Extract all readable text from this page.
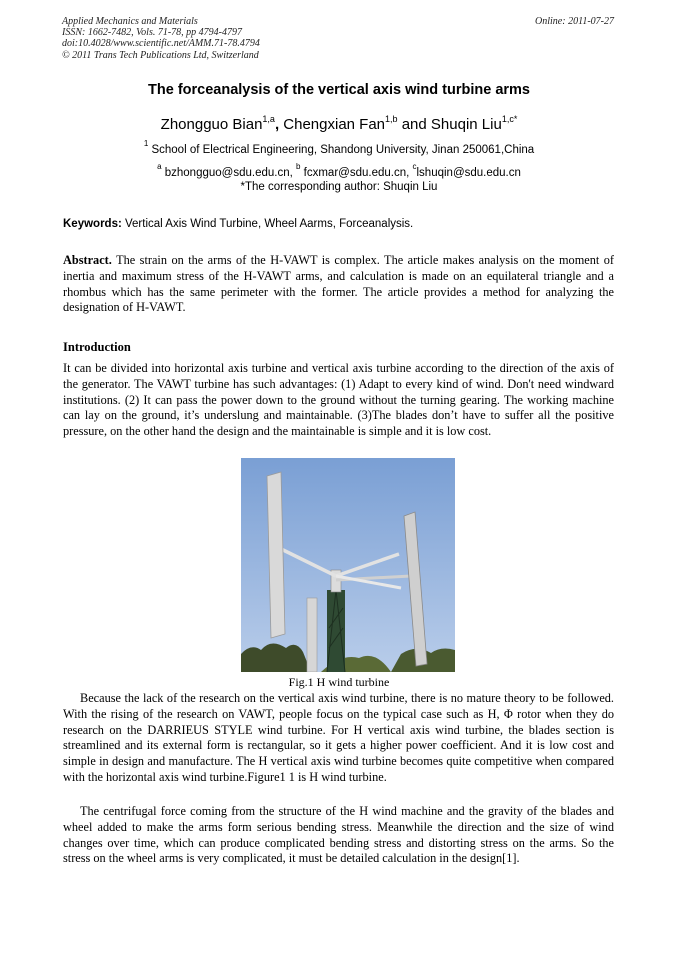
Applied Mechanics and Materials
ISSN: 1662-7482, Vols. 71-78, pp 4794-4797
doi:10.4028/www.scientific.net/AMM.71-78.4794
© 2011 Trans Tech Publications Ltd, Switzerland
Online: 2011-07-27
The forceanalysis of the vertical axis wind turbine arms
Zhongguo Bian$^{1,a}$, Chengxian Fan$^{1,b}$ and Shuqin Liu$^{1,c*}$
$^1$ School of Electrical Engineering, Shandong University, Jinan 250061,China
$^a$ bzhongguo@sdu.edu.cn, $^b$ fcxmar@sdu.edu.cn, $^c$lshuqin@sdu.edu.cn
*The corresponding author: Shuqin Liu
Keywords: Vertical Axis Wind Turbine, Wheel Aarms, Forceanalysis.
Abstract. The strain on the arms of the H-VAWT is complex. The article makes analysis on the moment of inertia and maximum stress of the H-VAWT arms, and calculation is made on an equilateral triangle and a rhombus which has the same perimeter with the former. The article provides a method for analyzing the designation of H-VAWT.
Introduction
It can be divided into horizontal axis turbine and vertical axis turbine according to the direction of the axis of the generator. The VAWT turbine has such advantages: (1) Adapt to every kind of wind. Don't need windward institutions. (2) It can pass the power down to the ground without the turning gearing. The working machine can lay on the ground, it’s underslung and maintainable. (3)The blades don’t have to suffer all the positive pressure, on the other hand the design and the maintainable is simple and it is low cost.
Fig.1 H wind turbine
Because the lack of the research on the vertical axis wind turbine, there is no mature theory to be followed. With the rising of the research on VAWT, people focus on the typical case such as H, Φ rotor when they do research on the DARRIEUS STYLE wind turbine. For H vertical axis wind turbine, the blades section is streamlined and its external form is rectangular, so it gets a higher power coefficient. And it is low cost and simple in design and manufacture. The H vertical axis wind turbine becomes quite competitive when compared with the horizontal axis wind turbine.Figure1 1 is H wind turbine.
The centrifugal force coming from the structure of the H wind machine and the gravity of the blades and wheel added to make the arms form serious bending stress. Meanwhile the direction and the size of wind changes over time, which can produce complicated bending stress and distorting stress on the arms. So the stress on the wheel arms is very complicated, it must be detailed calculation in the design[1].
